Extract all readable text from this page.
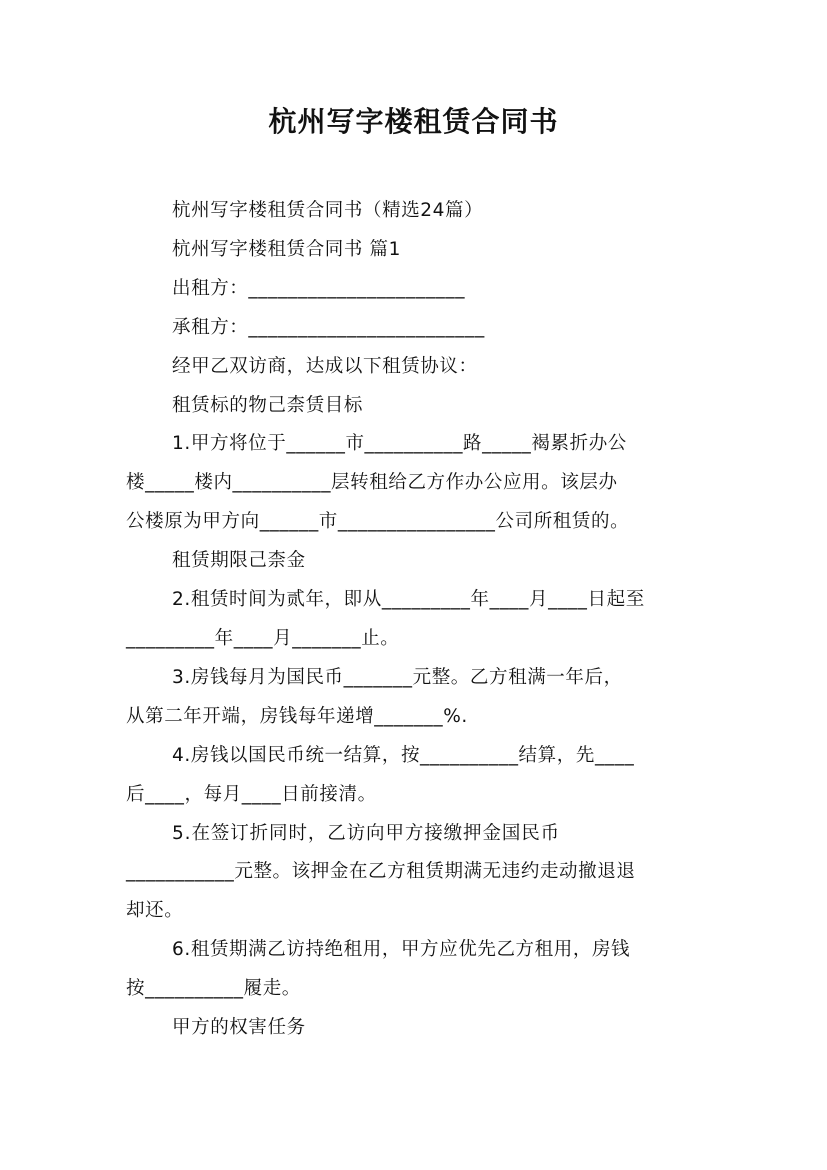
杭州写字楼租赁合同书

杭州写字楼租赁合同书（精选24篇）

杭州写字楼租赁合同书 篇1

出租方：______________________

承租方：________________________

经甲乙双访商，达成以下租赁协议：

租赁标的物己柰赁目标

1.甲方将位于______市__________路_____褐累折办公

楼_____楼内__________层转租给乙方作办公应用。该层办

公楼原为甲方向______市________________公司所租赁的。

租赁期限己柰金

2.租赁时间为贰年，即从_________年____月____日起至

_________年____月_______止。

3.房钱每月为国民币_______元整。乙方租满一年后，

从第二年开端，房钱每年递增_______%.

4.房钱以国民币统一结算，按__________结算，先____

后____，每月____日前接清。

5.在签订折同时，乙访向甲方接缴押金国民币

___________元整。该押金在乙方租赁期满无违约走动撤退退

却还。

6.租赁期满乙访持绝租用，甲方应优先乙方租用，房钱

按__________履走。

甲方的权害任务
